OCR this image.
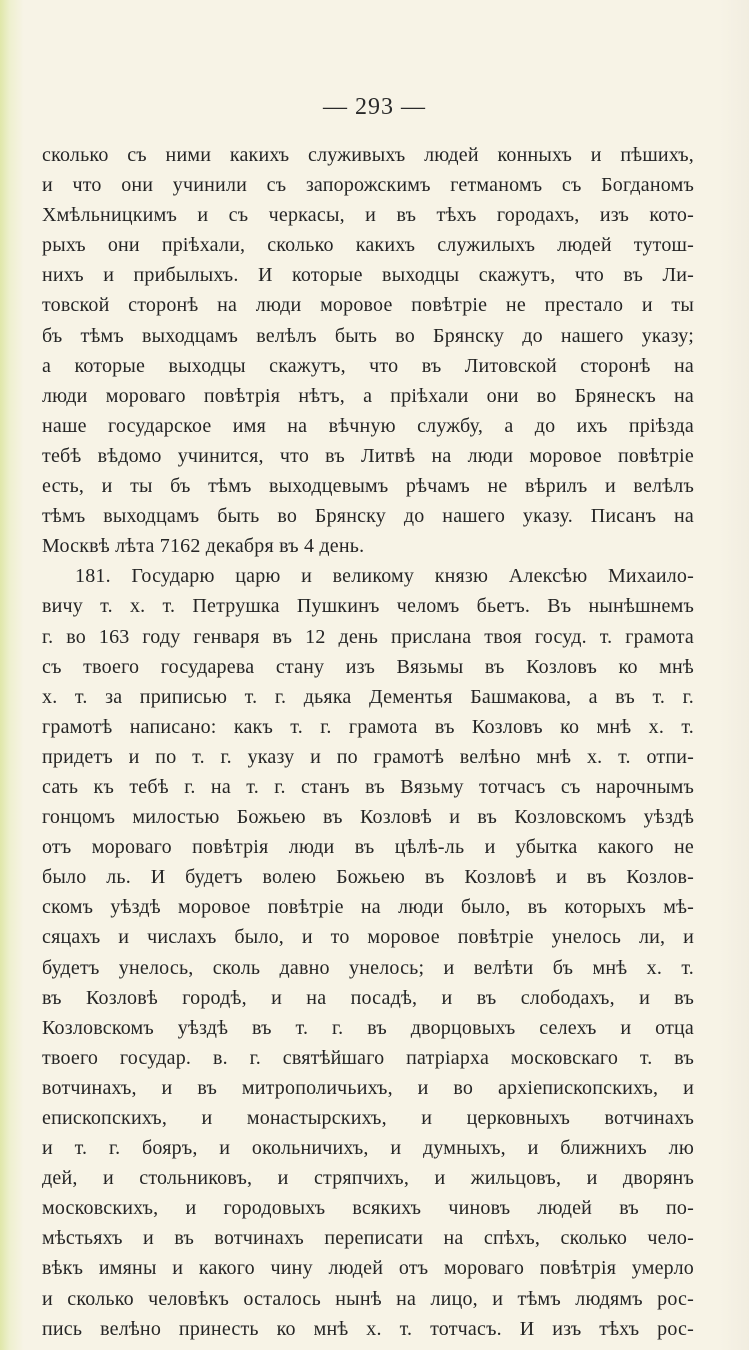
— 293 —
сколько съ ними какихъ служивыхъ людей конныхъ и пѣшихъ,
и что они учинили съ запорожскимъ гетманомъ съ Богданомъ
Хмѣльницкимъ и съ черкасы, и въ тѣхъ городахъ, изъ кото-
рыхъ они пріѣхали, сколько какихъ служилыхъ людей тутош-
нихъ и прибылыхъ. И которые выходцы скажутъ, что въ Ли-
товской сторонѣ на люди моровое повѣтріе не престало и ты
бъ тѣмъ выходцамъ велѣлъ быть во Брянску до нашего указу;
а которые выходцы скажутъ, что въ Литовской сторонѣ на
люди мороваго повѣтрія нѣтъ, а пріѣхали они во Брянескъ на
наше государское имя на вѣчную службу, а до ихъ пріѣзда
тебѣ вѣдомо учинится, что въ Литвѣ на люди моровое повѣтріе
есть, и ты бъ тѣмъ выходцевымъ рѣчамъ не вѣрилъ и велѣлъ
тѣмъ выходцамъ быть во Брянску до нашего указу. Писанъ на
Москвѣ лѣта 7162 декабря въ 4 день.
181. Государю царю и великому князю Алексѣю Михаило-
вичу т. х. т. Петрушка Пушкинъ челомъ бьетъ. Въ нынѣшнемъ
г. во 163 году генваря въ 12 день прислана твоя госуд. т. грамота
съ твоего государева стану изъ Вязьмы въ Козловъ ко мнѣ
х. т. за приписью т. г. дьяка Дементья Башмакова, а въ т. г.
грамотѣ написано: какъ т. г. грамота въ Козловъ ко мнѣ х. т.
придетъ и по т. г. указу и по грамотѣ велѣно мнѣ х. т. отпи-
сать къ тебѣ г. на т. г. станъ въ Вязьму тотчасъ съ нарочнымъ
гонцомъ милостью Божьею въ Козловѣ и въ Козловскомъ уѣздѣ
отъ мороваго повѣтрія люди въ цѣлѣ-ль и убытка какого не
было ль. И будетъ волею Божьею въ Козловѣ и въ Козлов-
скомъ уѣздѣ моровое повѣтріе на люди было, въ которыхъ мѣ-
сяцахъ и числахъ было, и то моровое повѣтріе унелось ли, и
будетъ унелось, сколь давно унелось; и велѣти бъ мнѣ х. т.
въ Козловѣ городѣ, и на посадѣ, и въ слободахъ, и въ
Козловскомъ уѣздѣ въ т. г. въ дворцовыхъ селехъ и отца
твоего государ. в. г. святѣйшаго патріарха московскаго т. въ
вотчинахъ, и въ митрополичьихъ, и во архіепископскихъ, и
епископскихъ, и монастырскихъ, и церковныхъ вотчинахъ
и т. г. бояръ, и окольничихъ, и думныхъ, и ближнихъ лю
дей, и стольниковъ, и стряпчихъ, и жильцовъ, и дворянъ
московскихъ, и городовыхъ всякихъ чиновъ людей въ по-
мѣстьяхъ и въ вотчинахъ переписати на спѣхъ, сколько чело-
вѣкъ имяны и какого чину людей отъ мороваго повѣтрія умерло
и сколько человѣкъ осталось нынѣ на лицо, и тѣмъ людямъ рос-
пись велѣно принесть ко мнѣ х. т. тотчасъ. И изъ тѣхъ рос-
